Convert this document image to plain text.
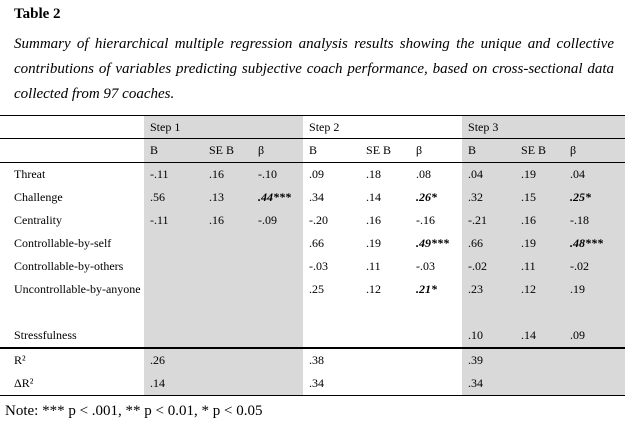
Table 2
Summary of hierarchical multiple regression analysis results showing the unique and collective contributions of variables predicting subjective coach performance, based on cross-sectional data collected from 97 coaches.
	Step 1			Step 2			Step 3		
	B	SE B	β	B	SE B	β	B	SE B	β
Threat	-.11	.16	-.10	.09	.18	.08	.04	.19	.04
Challenge	.56	.13	.44***	.34	.14	.26*	.32	.15	.25*
Centrality	-.11	.16	-.09	-.20	.16	-.16	-.21	.16	-.18
Controllable-by-self				.66	.19	.49***	.66	.19	.48***
Controllable-by-others				-.03	.11	-.03	-.02	.11	-.02
Uncontrollable-by-anyone				.25	.12	.21*	.23	.12	.19
Stressfulness							.10	.14	.09
R²	.26			.38			.39		
ΔR²	.14			.34			.34		
Note: *** p < .001, ** p < 0.01, * p < 0.05
